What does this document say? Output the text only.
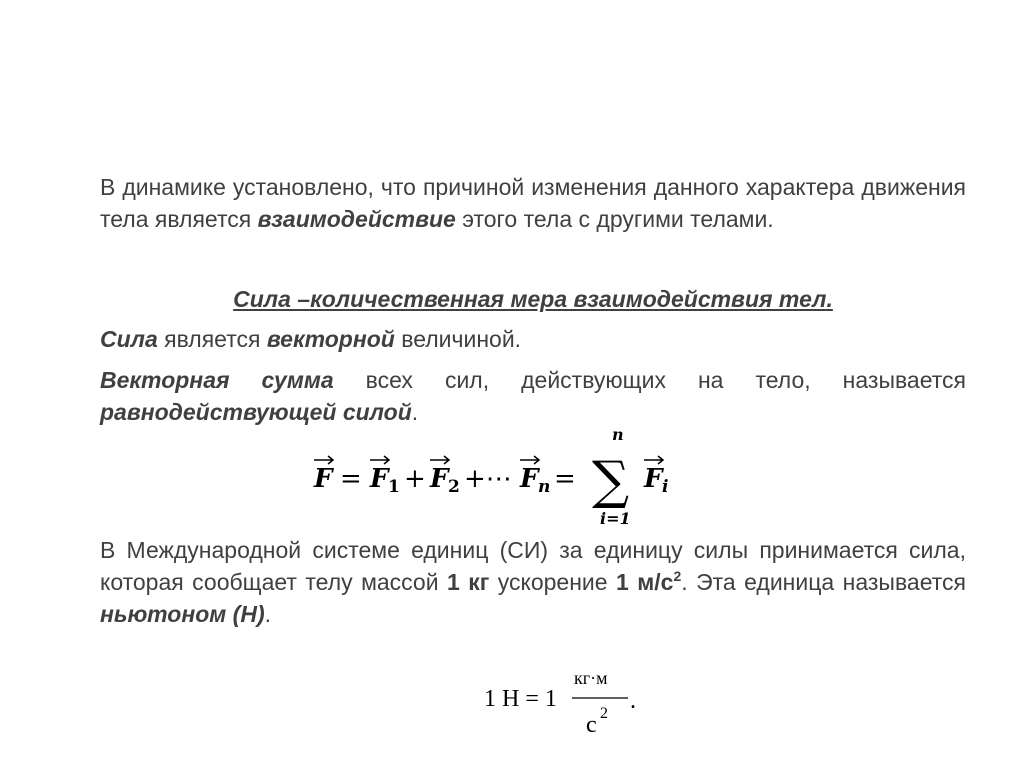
В динамике установлено, что причиной изменения данного характера движения тела является взаимодействие этого тела с другими телами.
Сила –количественная мера взаимодействия тел.
Сила является векторной величиной.
Векторная сумма всех сил, действующих на тело, называется равнодействующей силой.
F = F 1 + F 2 +⋯ F n = ∑
n
i=1
F i
В Международной системе единиц (СИ) за единицу силы принимается сила, которая сообщает телу массой 1 кг ускорение 1 $м/с^2$. Эта единица называется ньютоном (Н).
1 Н = 1
кг·м
с 2 .
